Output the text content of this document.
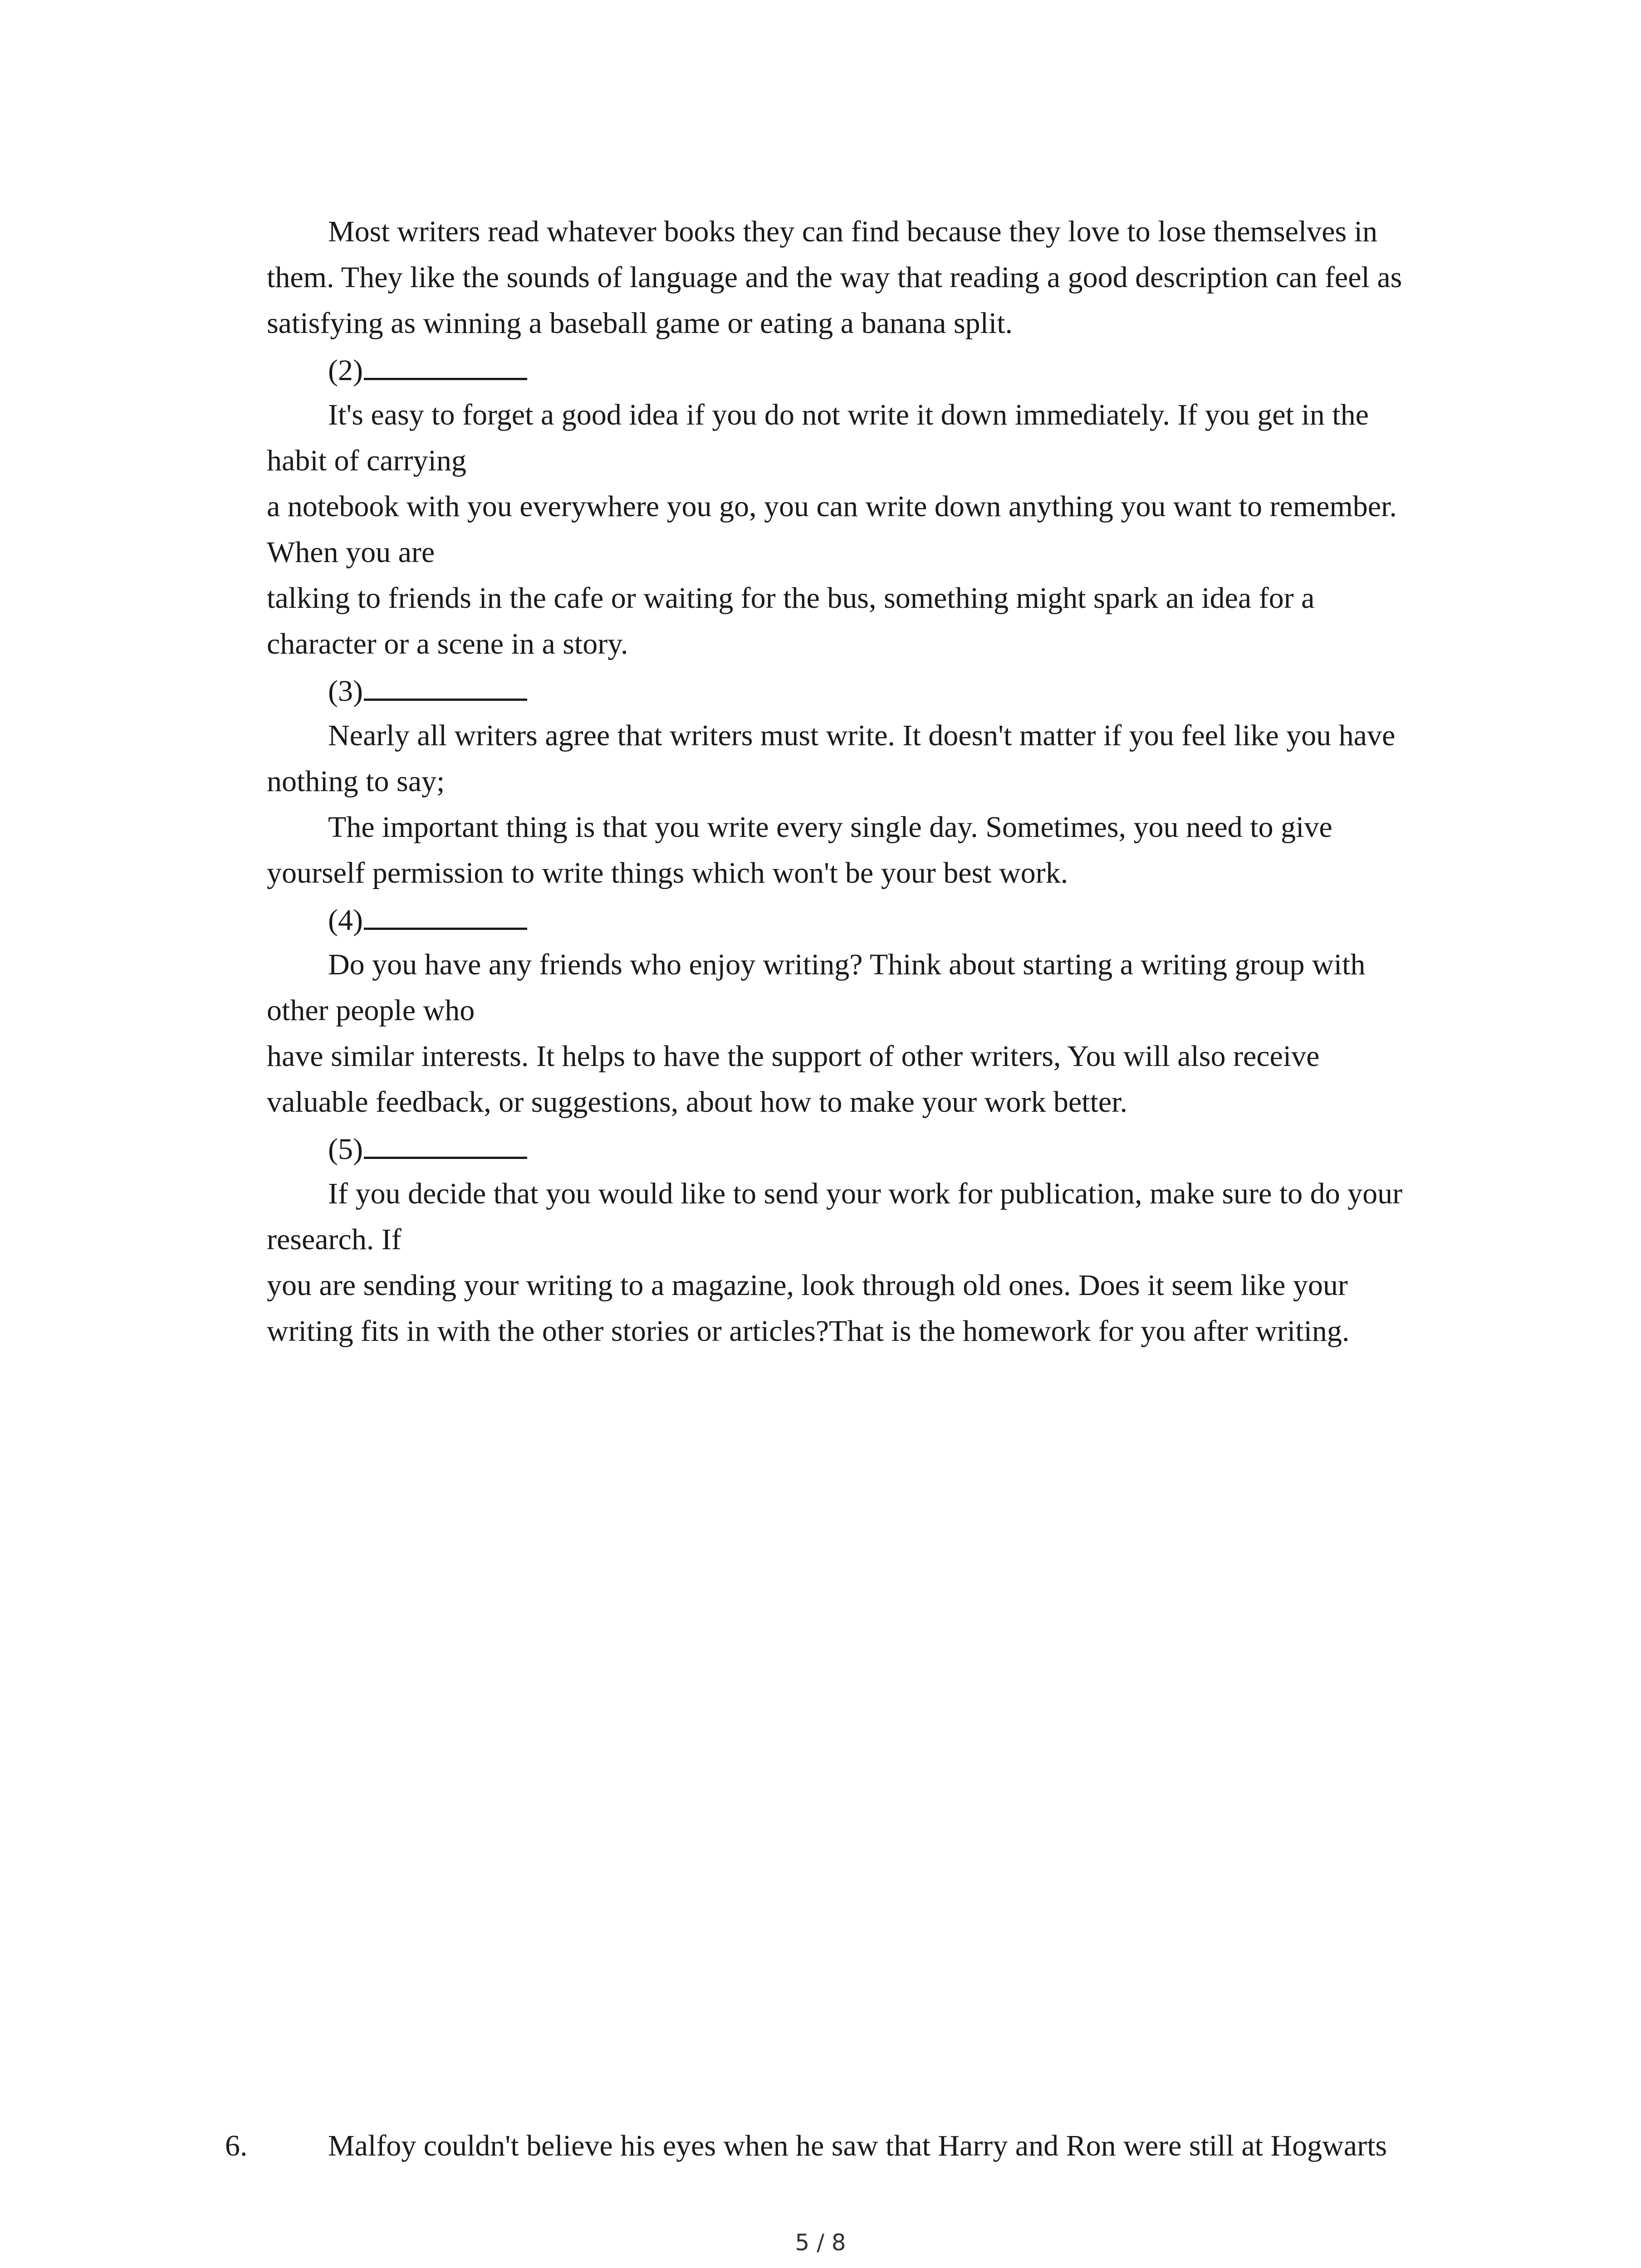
Most writers read whatever books they can find because they love to lose themselves in
them. They like the sounds of language and the way that reading a good description can feel as
satisfying as winning a baseball game or eating a banana split.
(2)
It's easy to forget a good idea if you do not write it down immediately. If you get in the
habit of carrying
a notebook with you everywhere you go, you can write down anything you want to remember.
When you are
talking to friends in the cafe or waiting for the bus, something might spark an idea for a
character or a scene in a story.
(3)
Nearly all writers agree that writers must write. It doesn't matter if you feel like you have
nothing to say;
The important thing is that you write every single day. Sometimes, you need to give
yourself permission to write things which won't be your best work.
(4)
Do you have any friends who enjoy writing? Think about starting a writing group with
other people who
have similar interests. It helps to have the support of other writers, You will also receive
valuable feedback, or suggestions, about how to make your work better.
(5)
If you decide that you would like to send your work for publication, make sure to do your
research. If
you are sending your writing to a magazine, look through old ones. Does it seem like your
writing fits in with the other stories or articles?That is the homework for you after writing.
6.	Malfoy couldn't believe his eyes when he saw that Harry and Ron were still at Hogwarts
5 / 8
